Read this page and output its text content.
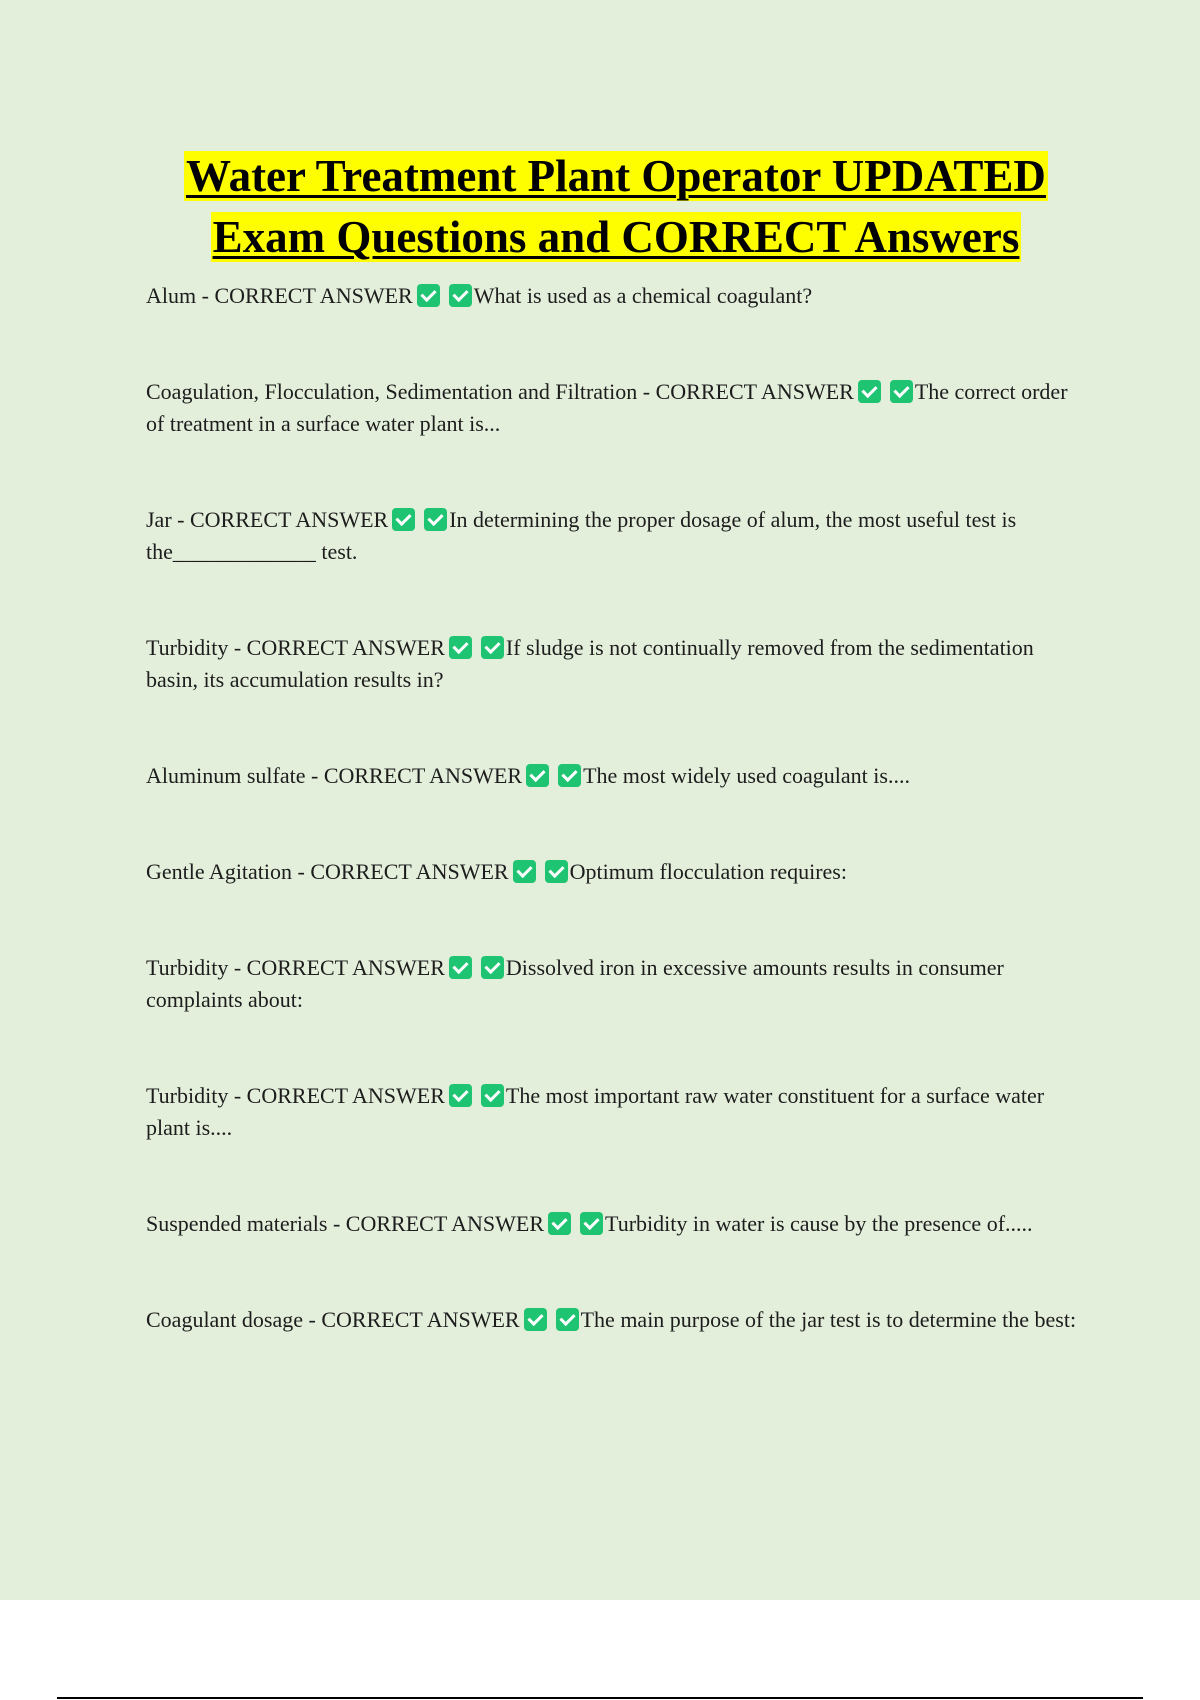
Water Treatment Plant Operator UPDATED
Exam Questions and CORRECT Answers

Alum - CORRECT ANSWER	What is used as a chemical coagulant?

Coagulation, Flocculation, Sedimentation and Filtration - CORRECT ANSWER	The correct order of treatment in a surface water plant is...

Jar - CORRECT ANSWER	In determining the proper dosage of alum, the most useful test is the_____________ test.

Turbidity - CORRECT ANSWER	If sludge is not continually removed from the sedimentation basin, its accumulation results in?

Aluminum sulfate - CORRECT ANSWER	The most widely used coagulant is....

Gentle Agitation - CORRECT ANSWER	Optimum flocculation requires:

Turbidity - CORRECT ANSWER	Dissolved iron in excessive amounts results in consumer complaints about:

Turbidity - CORRECT ANSWER	The most important raw water constituent for a surface water plant is....

Suspended materials - CORRECT ANSWER	Turbidity in water is cause by the presence of.....

Coagulant dosage - CORRECT ANSWER	The main purpose of the jar test is to determine the best:
